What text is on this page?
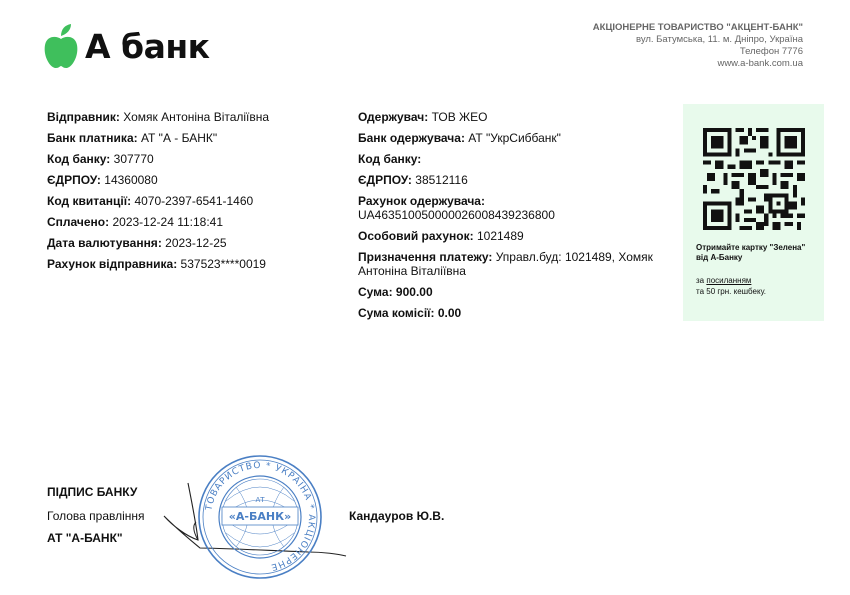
А банк	АКЦІОНЕРНЕ ТОВАРИСТВО "АКЦЕНТ-БАНК"
вул. Батумська, 11. м. Дніпро, Україна
Телефон 7776
www.a-bank.com.ua
Відправник: Хомяк Антоніна Віталіївна
Банк платника: АТ "А - БАНК"
Код банку: 307770
ЄДРПОУ: 14360080
Код квитанції: 4070-2397-6541-1460
Сплачено: 2023-12-24 11:18:41
Дата валютування: 2023-12-25
Рахунок відправника: 537523****0019
Одержувач: ТОВ ЖЕО
Банк одержувача: АТ "УкрСиббанк"
Код банку:
ЄДРПОУ: 38512116
Рахунок одержувача:
UA463510050000026008439236800
Особовий рахунок: 1021489
Призначення платежу: Управл.буд: 1021489, Хомяк Антоніна Віталіївна
Сума: 900.00
Сума комісії: 0.00
Отримайте картку "Зелена" від А-Банку
за посиланням
та 50 грн. кешбеку.
ПІДПИС БАНКУ
Голова правління
АТ "А-БАНК"
Кандауров Ю.В.
ТОВАРИСТВО * УКРАЇНА * АКЦІОНЕРНЕ
АТ
«А-БАНК»
